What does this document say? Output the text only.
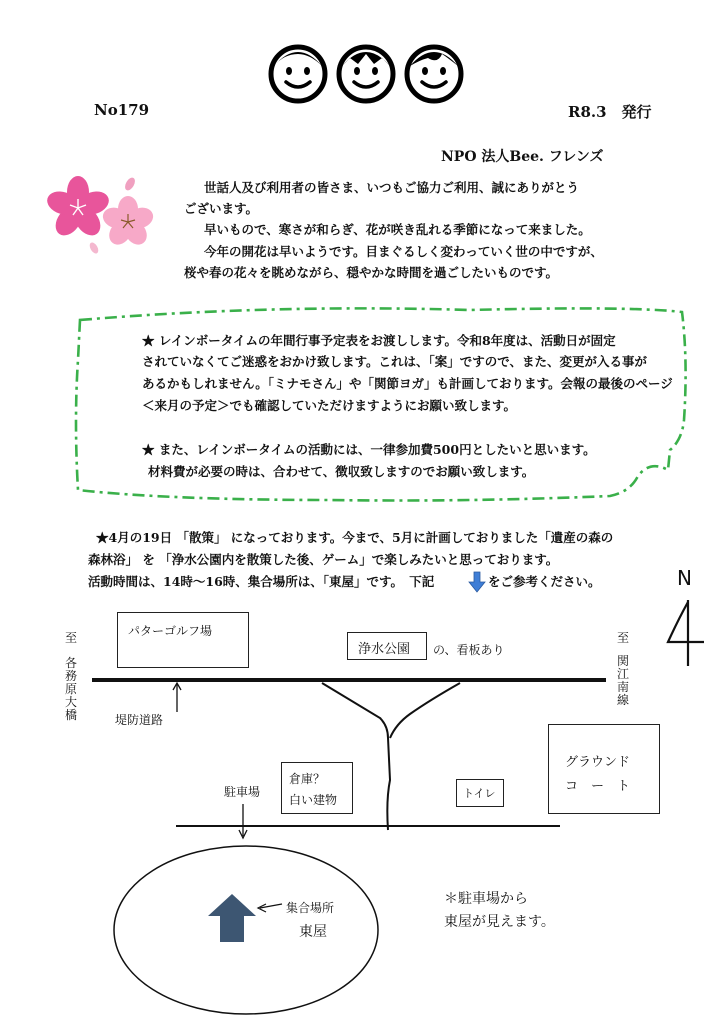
No179	R8.3　発行
NPO 法人Bee. フレンズ
世話人及び利用者の皆さま、いつもご協力ご利用、誠にありがとう
ございます。
早いもので、寒さが和らぎ、花が咲き乱れる季節になって来ました。
今年の開花は早いようです。目まぐるしく変わっていく世の中ですが、
桜や春の花々を眺めながら、穏やかな時間を過ごしたいものです。
★ レインボータイムの年間行事予定表をお渡しします。令和8年度は、活動日が固定
されていなくてご迷惑をおかけ致します。これは、「案」ですので、また、変更が入る事が
あるかもしれません。「ミナモさん」や「関節ヨガ」も計画しております。会報の最後のページ
＜来月の予定＞でも確認していただけますようにお願い致します。
★ また、レインボータイムの活動には、一律参加費500円としたいと思います。
材料費が必要の時は、合わせて、徴収致しますのでお願い致します。
★4月の19日 「散策」 になっております。今まで、5月に計画しておりました「遺産の森の
森林浴」 を 「浄水公園内を散策した後、ゲーム」で楽しみたいと思っております。
活動時間は、14時～16時、集合場所は、「東屋」です。　下記	をご参考ください。	N
至
各
務
原
大
橋
至
関
江
南
線
パターゴルフ場
浄水公園 の、看板あり
堤防道路
駐車場
倉庫？
白い建物	トイレ
グラウンド
コ　ー　ト
集合場所
東屋
＊駐車場から
東屋が見えます。
